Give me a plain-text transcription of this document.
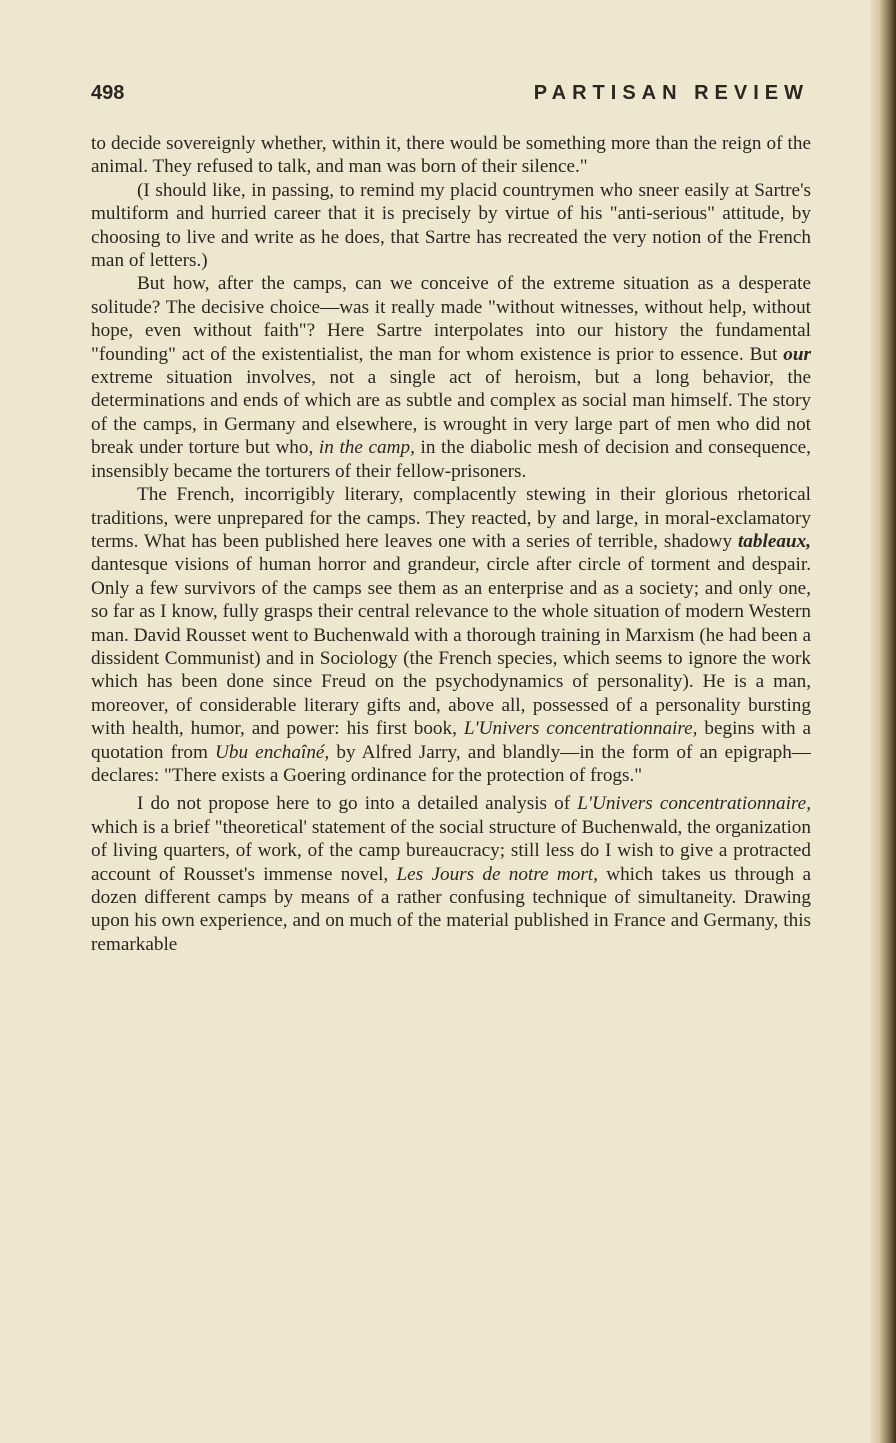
498	PARTISAN REVIEW

to decide sovereignly whether, within it, there would be something more than the reign of the animal. They refused to talk, and man was born of their silence."

(I should like, in passing, to remind my placid countrymen who sneer easily at Sartre's multiform and hurried career that it is precisely by virtue of his "anti-serious" attitude, by choosing to live and write as he does, that Sartre has recreated the very notion of the French man of letters.)

But how, after the camps, can we conceive of the extreme situation as a desperate solitude? The decisive choice—was it really made "without witnesses, without help, without hope, even without faith"? Here Sartre interpolates into our history the fundamental "founding" act of the existentialist, the man for whom existence is prior to essence. But our extreme situation involves, not a single act of heroism, but a long behavior, the determinations and ends of which are as subtle and complex as social man himself. The story of the camps, in Germany and elsewhere, is wrought in very large part of men who did not break under torture but who, in the camp, in the diabolic mesh of decision and consequence, insensibly became the torturers of their fellow-prisoners.

The French, incorrigibly literary, complacently stewing in their glorious rhetorical traditions, were unprepared for the camps. They reacted, by and large, in moral-exclamatory terms. What has been published here leaves one with a series of terrible, shadowy tableaux, dantesque visions of human horror and grandeur, circle after circle of torment and despair. Only a few survivors of the camps see them as an enterprise and as a society; and only one, so far as I know, fully grasps their central relevance to the whole situation of modern Western man. David Rousset went to Buchenwald with a thorough training in Marxism (he had been a dissident Communist) and in Sociology (the French species, which seems to ignore the work which has been done since Freud on the psychodynamics of personality). He is a man, moreover, of considerable literary gifts and, above all, possessed of a personality bursting with health, humor, and power: his first book, L'Univers concentrationnaire, begins with a quotation from Ubu enchaîné, by Alfred Jarry, and blandly—in the form of an epigraph—declares: "There exists a Goering ordinance for the protection of frogs."

I do not propose here to go into a detailed analysis of L'Univers concentrationnaire, which is a brief "theoretical' statement of the social structure of Buchenwald, the organization of living quarters, of work, of the camp bureaucracy; still less do I wish to give a protracted account of Rousset's immense novel, Les Jours de notre mort, which takes us through a dozen different camps by means of a rather confusing technique of simultaneity. Drawing upon his own experience, and on much of the material published in France and Germany, this remarkable
